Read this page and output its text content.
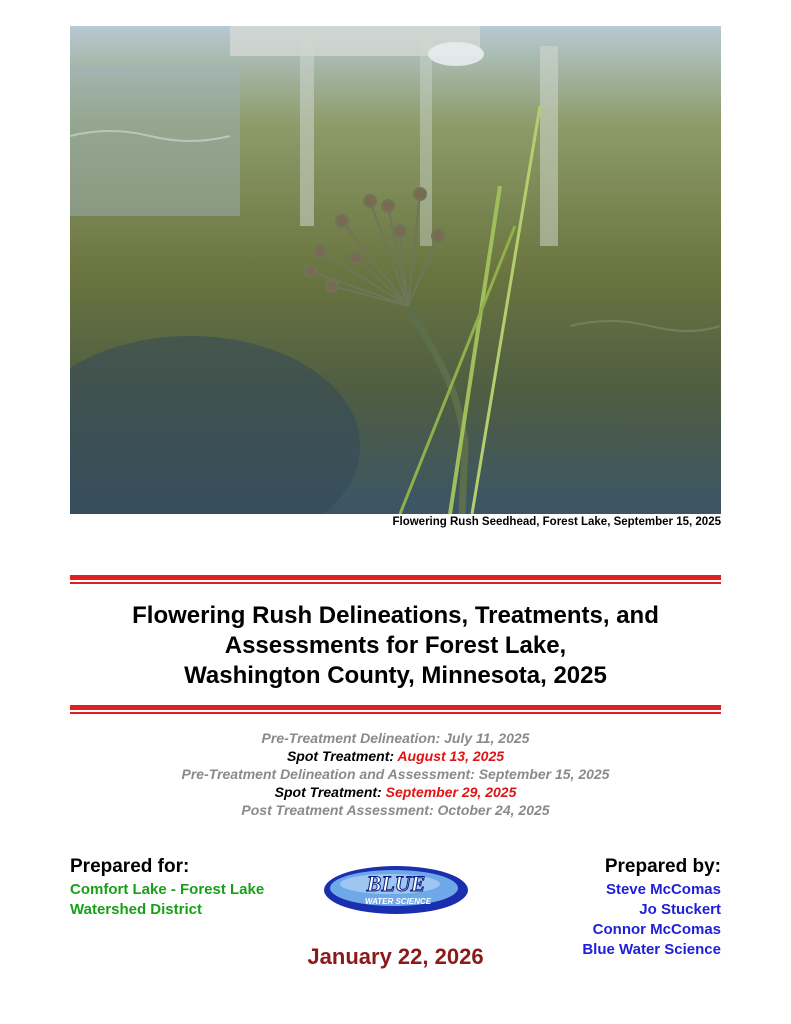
Flowering Rush Seedhead, Forest Lake, September 15, 2025
Flowering Rush Delineations, Treatments, and
Assessments for Forest Lake,
Washington County, Minnesota, 2025
Pre-Treatment Delineation: July 11, 2025
Spot Treatment: August 13, 2025
Pre-Treatment Delineation and Assessment: September 15, 2025
Spot Treatment: September 29, 2025
Post Treatment Assessment: October 24, 2025
Prepared for:
Comfort Lake - Forest Lake
Watershed District
BLUE
WATER SCIENCE
Prepared by:
Steve McComas
Jo Stuckert
Connor McComas
Blue Water Science
January 22, 2026
